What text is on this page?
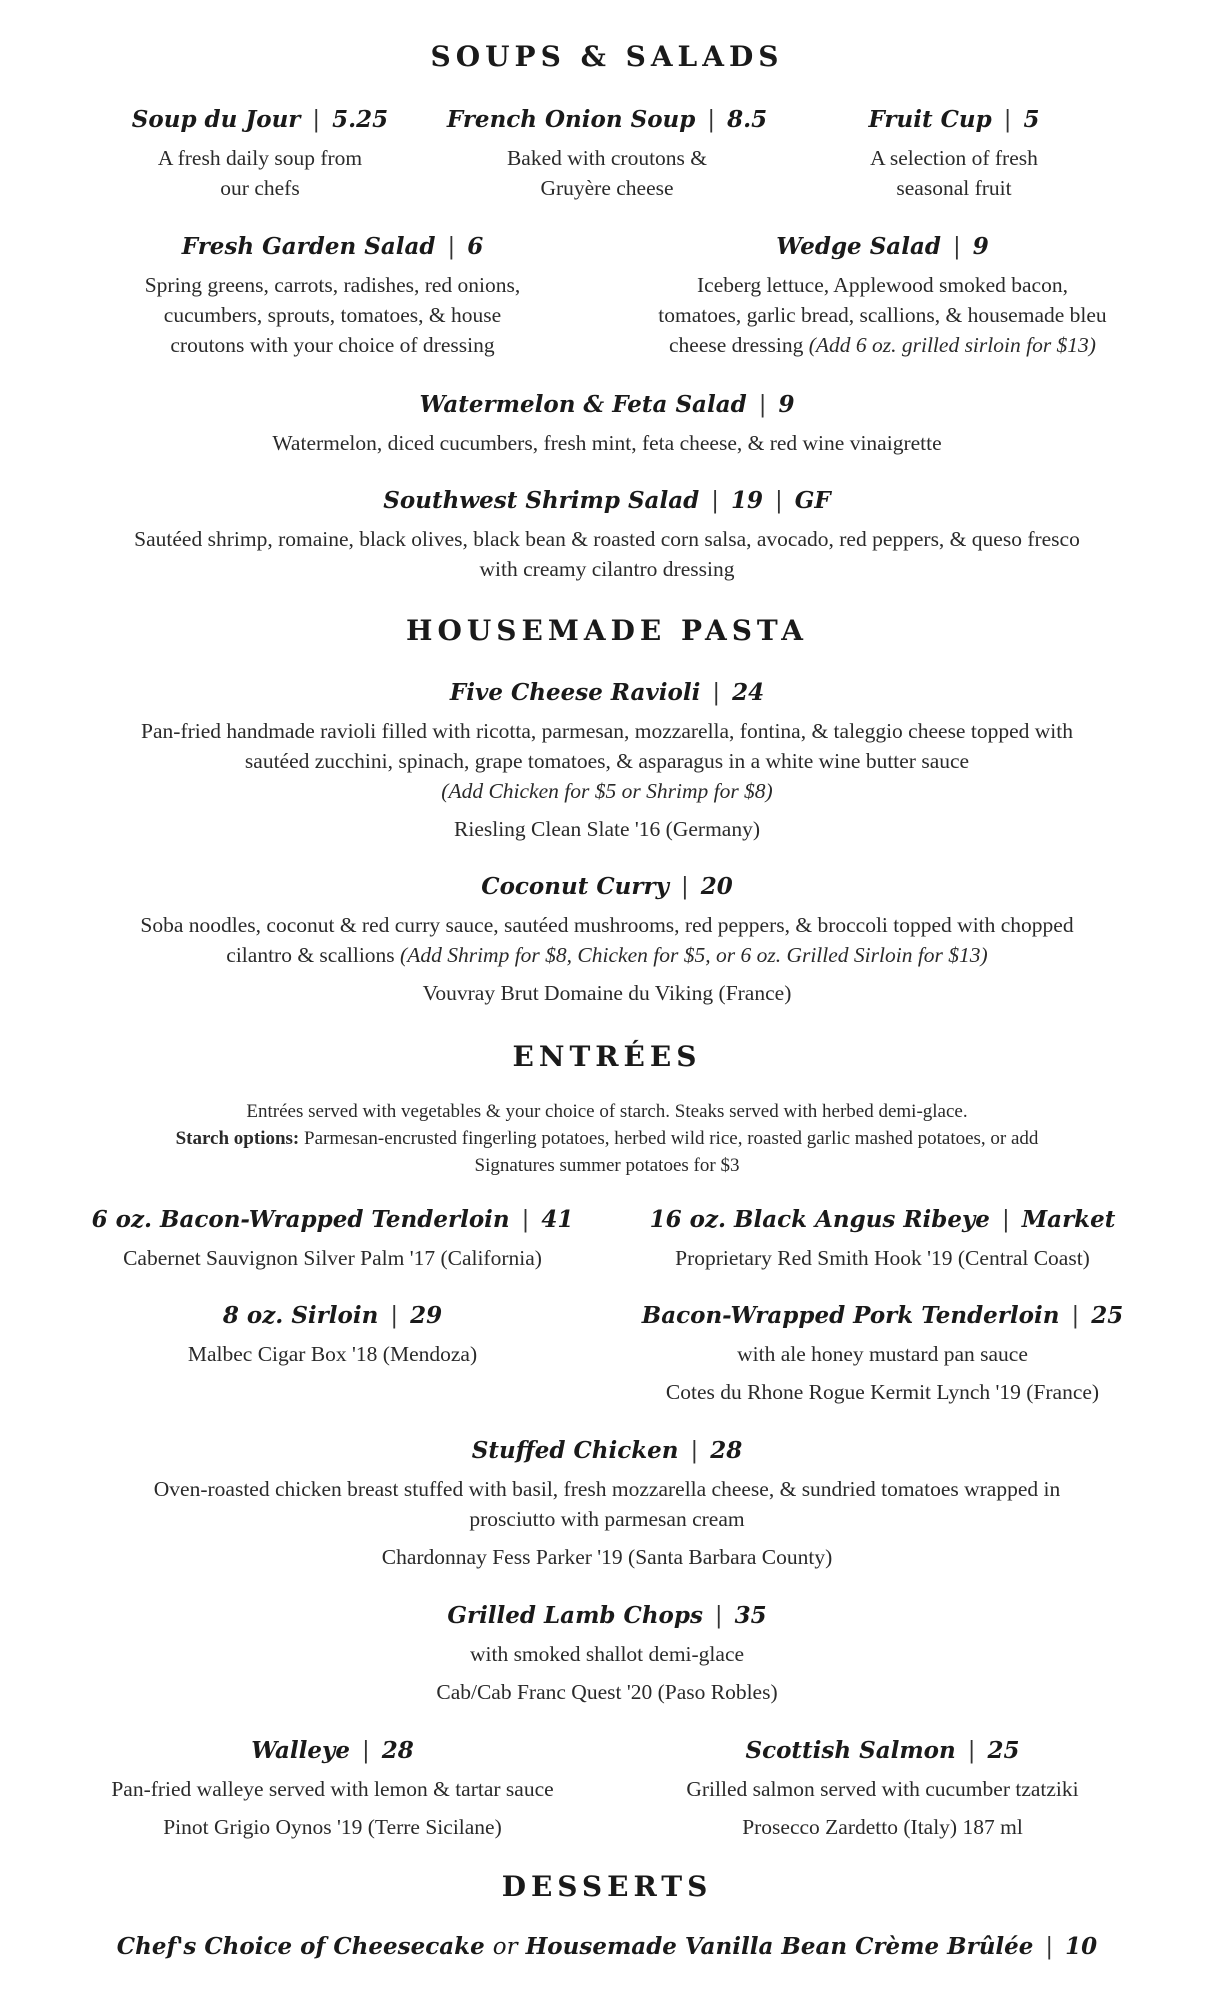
SOUPS & SALADS
Soup du Jour | 5.25
A fresh daily soup from
our chefs
French Onion Soup | 8.5
Baked with croutons &
Gruyère cheese
Fruit Cup | 5
A selection of fresh
seasonal fruit
Fresh Garden Salad | 6
Spring greens, carrots, radishes, red onions,
cucumbers, sprouts, tomatoes, & house
croutons with your choice of dressing
Wedge Salad | 9
Iceberg lettuce, Applewood smoked bacon,
tomatoes, garlic bread, scallions, & housemade bleu
cheese dressing (Add 6 oz. grilled sirloin for $13)
Watermelon & Feta Salad | 9
Watermelon, diced cucumbers, fresh mint, feta cheese, & red wine vinaigrette
Southwest Shrimp Salad | 19 | GF
Sautéed shrimp, romaine, black olives, black bean & roasted corn salsa, avocado, red peppers, & queso fresco
with creamy cilantro dressing
HOUSEMADE PASTA
Five Cheese Ravioli | 24
Pan-fried handmade ravioli filled with ricotta, parmesan, mozzarella, fontina, & taleggio cheese topped with
sautéed zucchini, spinach, grape tomatoes, & asparagus in a white wine butter sauce
(Add Chicken for $5 or Shrimp for $8)
Riesling Clean Slate '16 (Germany)
Coconut Curry | 20
Soba noodles, coconut & red curry sauce, sautéed mushrooms, red peppers, & broccoli topped with chopped
cilantro & scallions (Add Shrimp for $8, Chicken for $5, or 6 oz. Grilled Sirloin for $13)
Vouvray Brut Domaine du Viking (France)
ENTRÉES
Entrées served with vegetables & your choice of starch. Steaks served with herbed demi-glace.
Starch options: Parmesan-encrusted fingerling potatoes, herbed wild rice, roasted garlic mashed potatoes, or add
Signatures summer potatoes for $3
6 oz. Bacon-Wrapped Tenderloin | 41
Cabernet Sauvignon Silver Palm '17 (California)
16 oz. Black Angus Ribeye | Market
Proprietary Red Smith Hook '19 (Central Coast)
8 oz. Sirloin | 29
Malbec Cigar Box '18 (Mendoza)
Bacon-Wrapped Pork Tenderloin | 25
with ale honey mustard pan sauce
Cotes du Rhone Rogue Kermit Lynch '19 (France)
Stuffed Chicken | 28
Oven-roasted chicken breast stuffed with basil, fresh mozzarella cheese, & sundried tomatoes wrapped in
prosciutto with parmesan cream
Chardonnay Fess Parker '19 (Santa Barbara County)
Grilled Lamb Chops | 35
with smoked shallot demi-glace
Cab/Cab Franc Quest '20 (Paso Robles)
Walleye | 28
Pan-fried walleye served with lemon & tartar sauce
Pinot Grigio Oynos '19 (Terre Sicilane)
Scottish Salmon | 25
Grilled salmon served with cucumber tzatziki
Prosecco Zardetto (Italy) 187 ml
DESSERTS
Chef's Choice of Cheesecake or Housemade Vanilla Bean Crème Brûlée | 10
